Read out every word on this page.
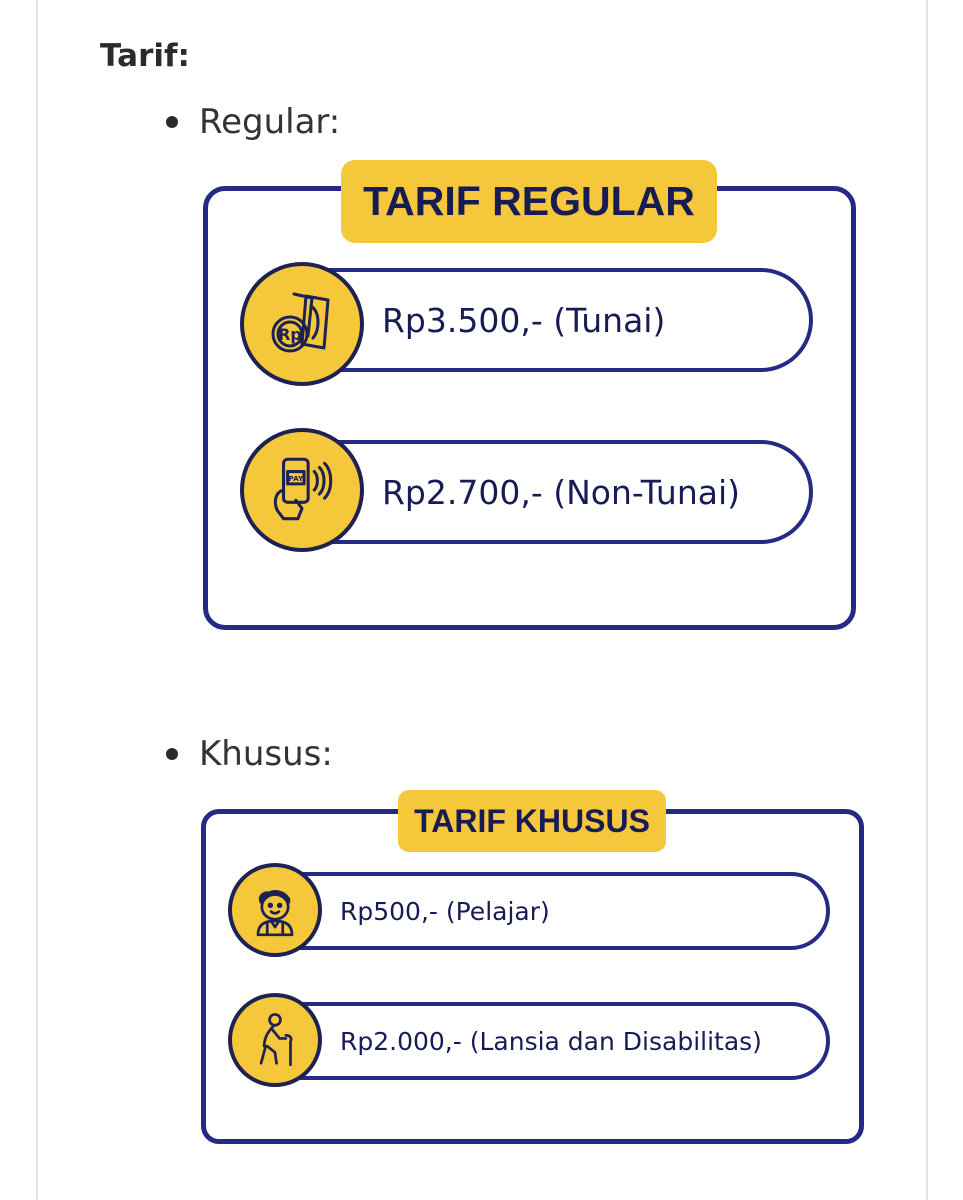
Tarif:
Regular:
TARIF REGULAR
Rp3.500,- (Tunai)
Rp
Rp2.700,- (Non-Tunai)
PAY
Khusus:
TARIF KHUSUS
Rp500,- (Pelajar)
Rp2.000,- (Lansia dan Disabilitas)
